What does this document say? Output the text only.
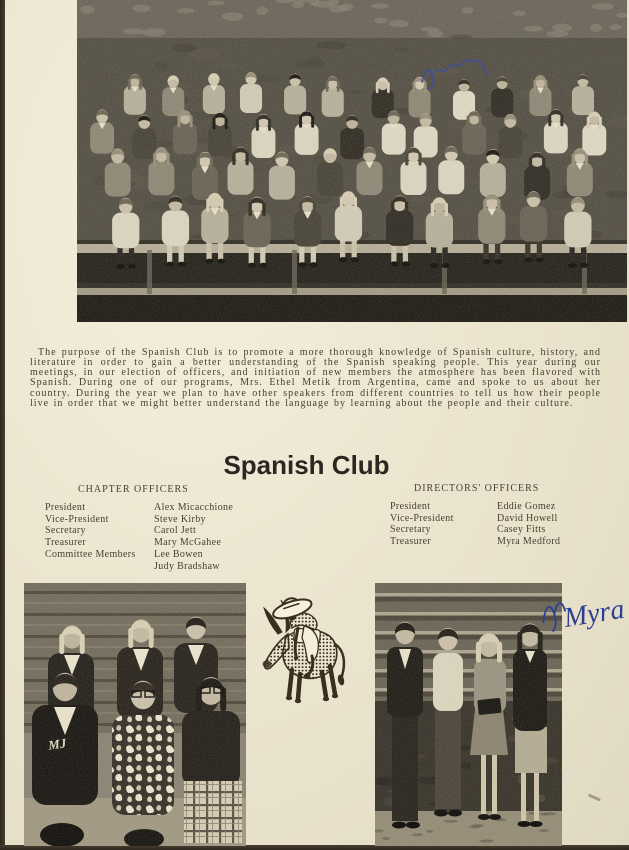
The purpose of the Spanish Club is to promote a more thorough knowledge of Spanish culture, history, and literature in order to gain a better understanding of the Spanish speaking people. This year during our meetings, in our election of officers, and initiation of new members the atmosphere has been flavored with Spanish. During one of our programs, Mrs. Ethel Metik from Argentina, came and spoke to us about her country. During the year we plan to have other speakers from different countries to tell us how their people live in order that we might better understand the language by learning about the people and their culture.

Spanish Club
CHAPTER OFFICERS
President	Alex Micacchione
Vice-President	Steve Kirby
Secretary	Carol Jett
Treasurer	Mary McGahee
Committee Members	Lee Bowen
Judy Bradshaw
DIRECTORS' OFFICERS
President	Eddie Gomez
Vice-President	David Howell
Secretary	Casey Fitts
Treasurer	Myra Medford
MJ
Myra
